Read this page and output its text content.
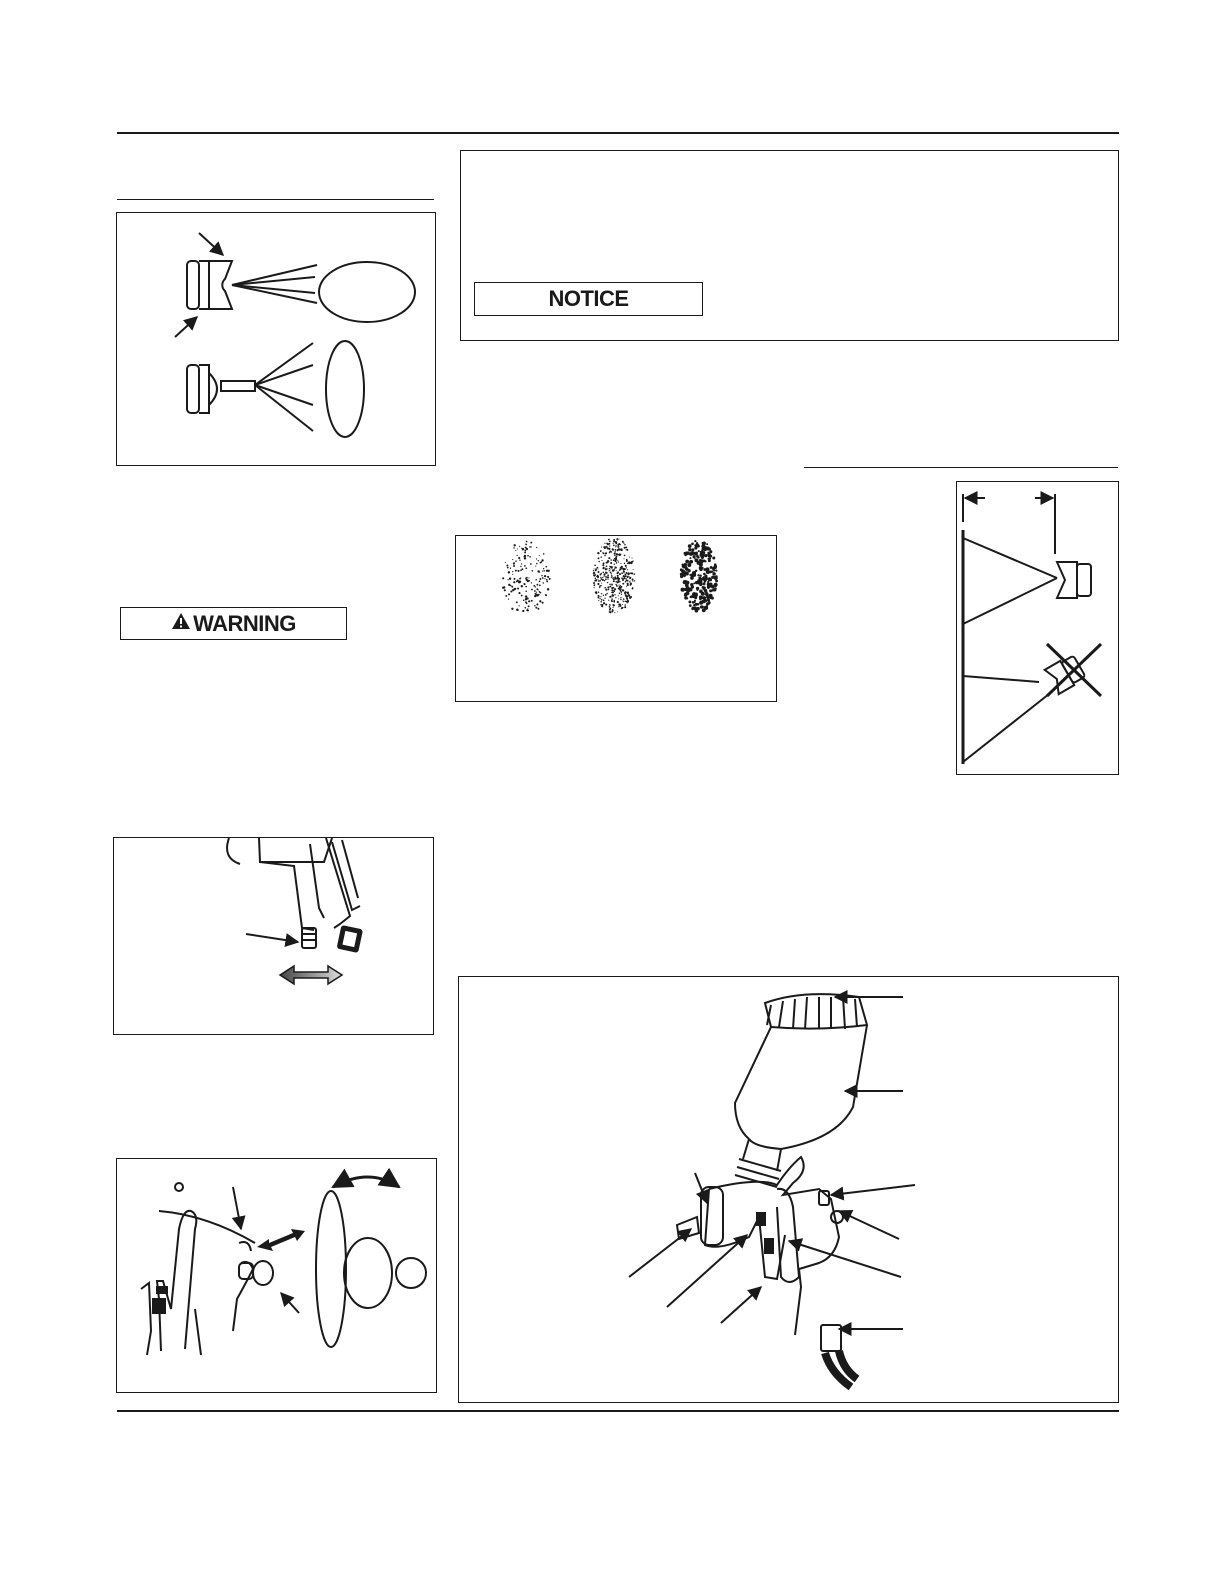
NOTICE
WARNING
